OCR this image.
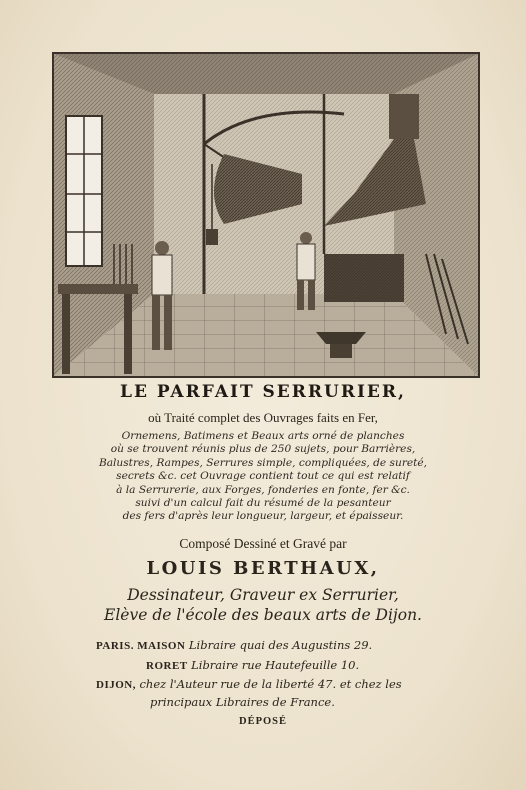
LE PARFAIT SERRURIER,
où Traité complet des Ouvrages faits en Fer,
Ornemens, Batimens et Beaux arts orné de planches
où se trouvent réunis plus de 250 sujets, pour Barrières,
Balustres, Rampes, Serrures simple, compliquées, de sureté,
secrets &c. cet Ouvrage contient tout ce qui est relatif
à la Serrurerie, aux Forges, fonderies en fonte, fer &c.
suivi d'un calcul fait du résumé de la pesanteur
des fers d'après leur longueur, largeur, et épaisseur.
Composé Dessiné et Gravé par
LOUIS BERTHAUX,
Dessinateur, Graveur ex Serrurier,
Elève de l'école des beaux arts de Dijon.
PARIS. MAISON Libraire quai des Augustins 29.
RORET Libraire rue Hautefeuille 10.
DIJON, chez l'Auteur rue de la liberté 47. et chez les
principaux Libraires de France.
DÉPOSÉ
